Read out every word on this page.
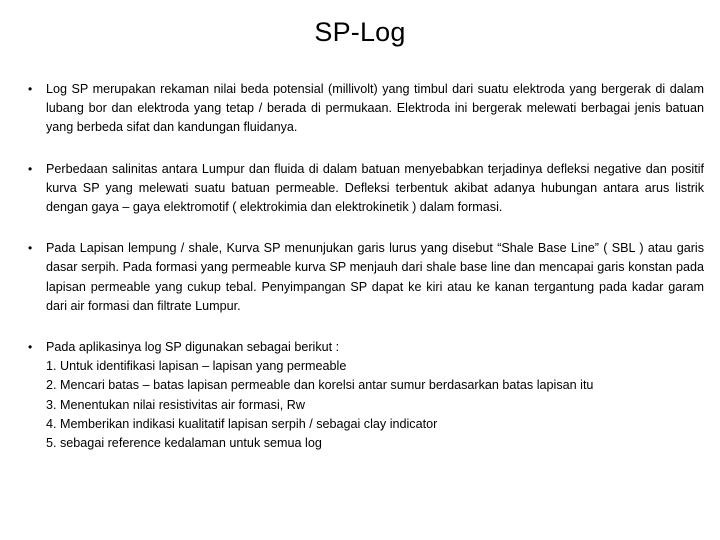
SP-Log
• Log SP merupakan rekaman nilai beda potensial (millivolt) yang timbul dari suatu elektroda yang bergerak di dalam lubang bor dan elektroda yang tetap / berada di permukaan. Elektroda ini bergerak melewati berbagai jenis batuan yang berbeda sifat dan kandungan fluidanya.
• Perbedaan salinitas antara Lumpur dan fluida di dalam batuan menyebabkan terjadinya defleksi negative dan positif kurva SP yang melewati suatu batuan permeable. Defleksi terbentuk akibat adanya hubungan antara arus listrik dengan gaya – gaya elektromotif ( elektrokimia dan elektrokinetik ) dalam formasi.
• Pada Lapisan lempung / shale, Kurva SP menunjukan garis lurus yang disebut “Shale Base Line” ( SBL ) atau garis dasar serpih. Pada formasi yang permeable kurva SP menjauh dari shale base line dan mencapai garis konstan pada lapisan permeable yang cukup tebal. Penyimpangan SP dapat ke kiri atau ke kanan tergantung pada kadar garam dari air formasi dan filtrate Lumpur.
• Pada aplikasinya log SP digunakan sebagai berikut :
1. Untuk identifikasi lapisan – lapisan yang permeable
2. Mencari batas – batas lapisan permeable dan korelsi antar sumur berdasarkan batas lapisan itu
3. Menentukan nilai resistivitas air formasi, Rw
4. Memberikan indikasi kualitatif lapisan serpih / sebagai clay indicator
5. sebagai reference kedalaman untuk semua log
